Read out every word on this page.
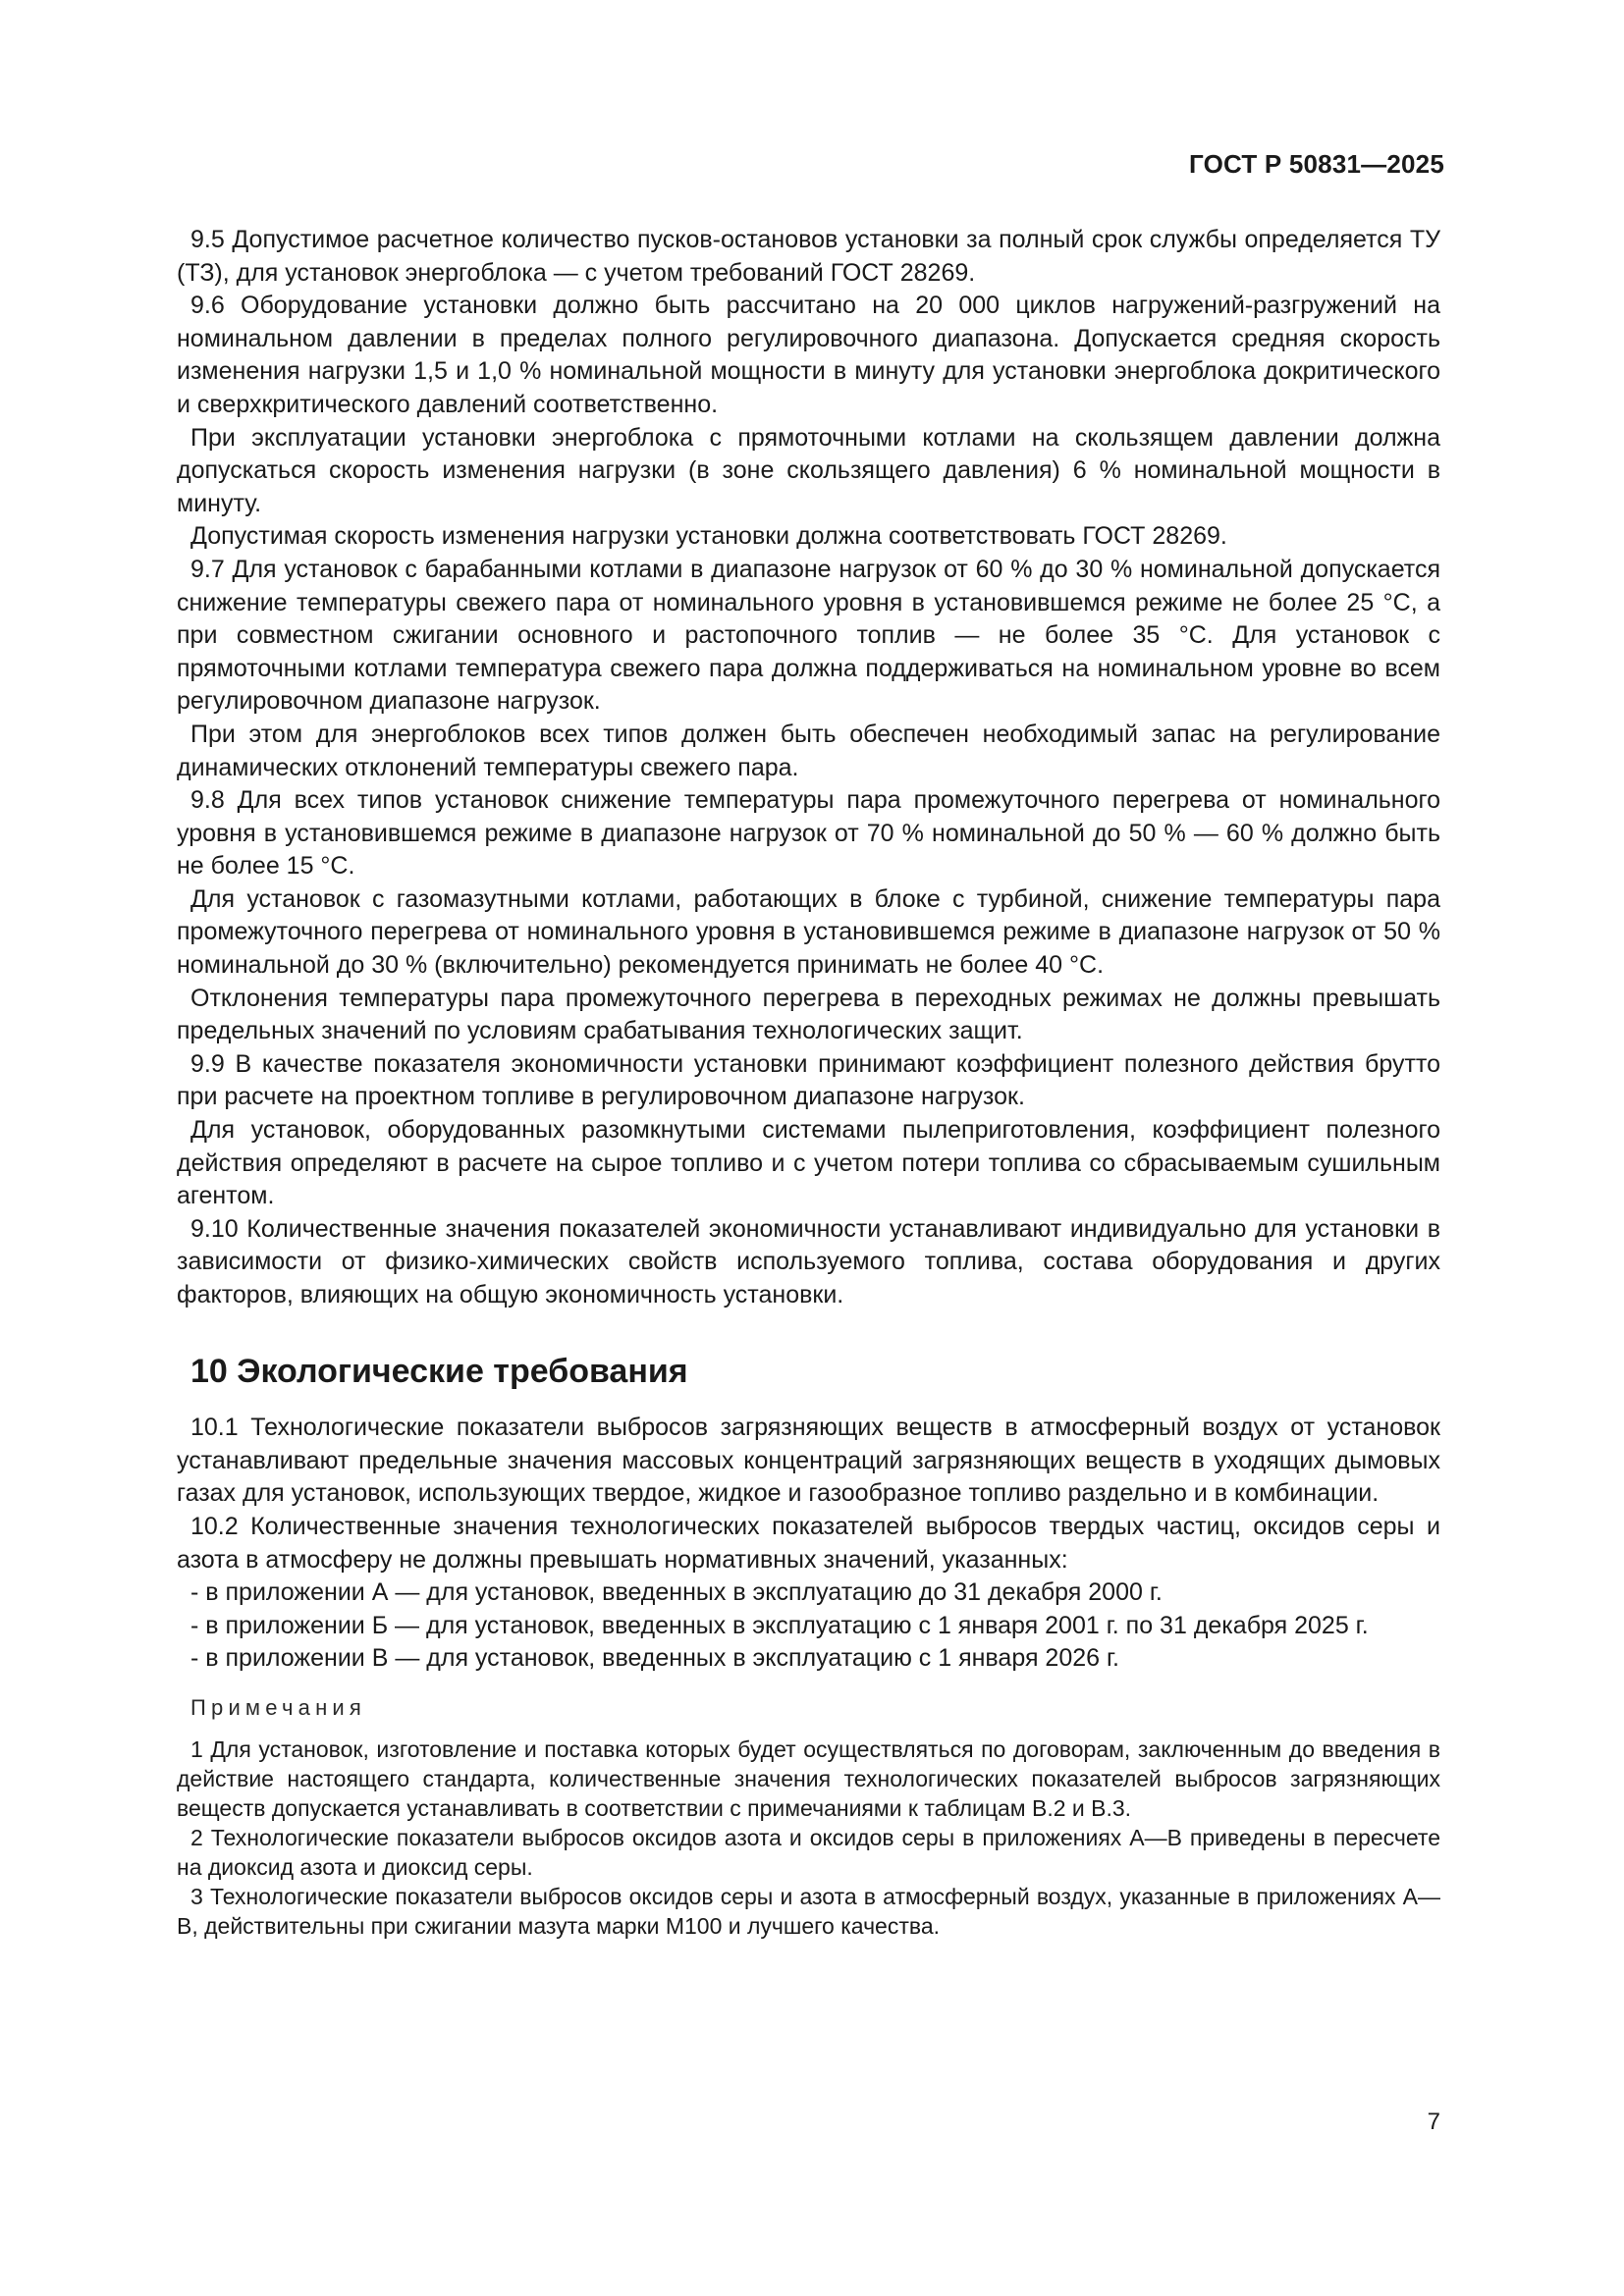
ГОСТ Р 50831—2025

9.5 Допустимое расчетное количество пусков-остановов установки за полный срок службы определяется ТУ (ТЗ), для установок энергоблока — с учетом требований ГОСТ 28269.

9.6 Оборудование установки должно быть рассчитано на 20 000 циклов нагружений-разгружений на номинальном давлении в пределах полного регулировочного диапазона. Допускается средняя скорость изменения нагрузки 1,5 и 1,0 % номинальной мощности в минуту для установки энергоблока докритического и сверхкритического давлений соответственно.

При эксплуатации установки энергоблока с прямоточными котлами на скользящем давлении должна допускаться скорость изменения нагрузки (в зоне скользящего давления) 6 % номинальной мощности в минуту.

Допустимая скорость изменения нагрузки установки должна соответствовать ГОСТ 28269.

9.7 Для установок с барабанными котлами в диапазоне нагрузок от 60 % до 30 % номинальной допускается снижение температуры свежего пара от номинального уровня в установившемся режиме не более 25 °С, а при совместном сжигании основного и растопочного топлив — не более 35 °С. Для установок с прямоточными котлами температура свежего пара должна поддерживаться на номинальном уровне во всем регулировочном диапазоне нагрузок.

При этом для энергоблоков всех типов должен быть обеспечен необходимый запас на регулирование динамических отклонений температуры свежего пара.

9.8 Для всех типов установок снижение температуры пара промежуточного перегрева от номинального уровня в установившемся режиме в диапазоне нагрузок от 70 % номинальной до 50 % — 60 % должно быть не более 15 °С.

Для установок с газомазутными котлами, работающих в блоке с турбиной, снижение температуры пара промежуточного перегрева от номинального уровня в установившемся режиме в диапазоне нагрузок от 50 % номинальной до 30 % (включительно) рекомендуется принимать не более 40 °С.

Отклонения температуры пара промежуточного перегрева в переходных режимах не должны превышать предельных значений по условиям срабатывания технологических защит.

9.9 В качестве показателя экономичности установки принимают коэффициент полезного действия брутто при расчете на проектном топливе в регулировочном диапазоне нагрузок.

Для установок, оборудованных разомкнутыми системами пылеприготовления, коэффициент полезного действия определяют в расчете на сырое топливо и с учетом потери топлива со сбрасываемым сушильным агентом.

9.10 Количественные значения показателей экономичности устанавливают индивидуально для установки в зависимости от физико-химических свойств используемого топлива, состава оборудования и других факторов, влияющих на общую экономичность установки.

10 Экологические требования

10.1 Технологические показатели выбросов загрязняющих веществ в атмосферный воздух от установок устанавливают предельные значения массовых концентраций загрязняющих веществ в уходящих дымовых газах для установок, использующих твердое, жидкое и газообразное топливо раздельно и в комбинации.

10.2 Количественные значения технологических показателей выбросов твердых частиц, оксидов серы и азота в атмосферу не должны превышать нормативных значений, указанных:

- в приложении А — для установок, введенных в эксплуатацию до 31 декабря 2000 г.

- в приложении Б — для установок, введенных в эксплуатацию с 1 января 2001 г. по 31 декабря 2025 г.

- в приложении В — для установок, введенных в эксплуатацию с 1 января 2026 г.

Примечания

1 Для установок, изготовление и поставка которых будет осуществляться по договорам, заключенным до введения в действие настоящего стандарта, количественные значения технологических показателей выбросов загрязняющих веществ допускается устанавливать в соответствии с примечаниями к таблицам В.2 и В.3.

2 Технологические показатели выбросов оксидов азота и оксидов серы в приложениях А—В приведены в пересчете на диоксид азота и диоксид серы.

3 Технологические показатели выбросов оксидов серы и азота в атмосферный воздух, указанные в приложениях А—В, действительны при сжигании мазута марки М100 и лучшего качества.

7
